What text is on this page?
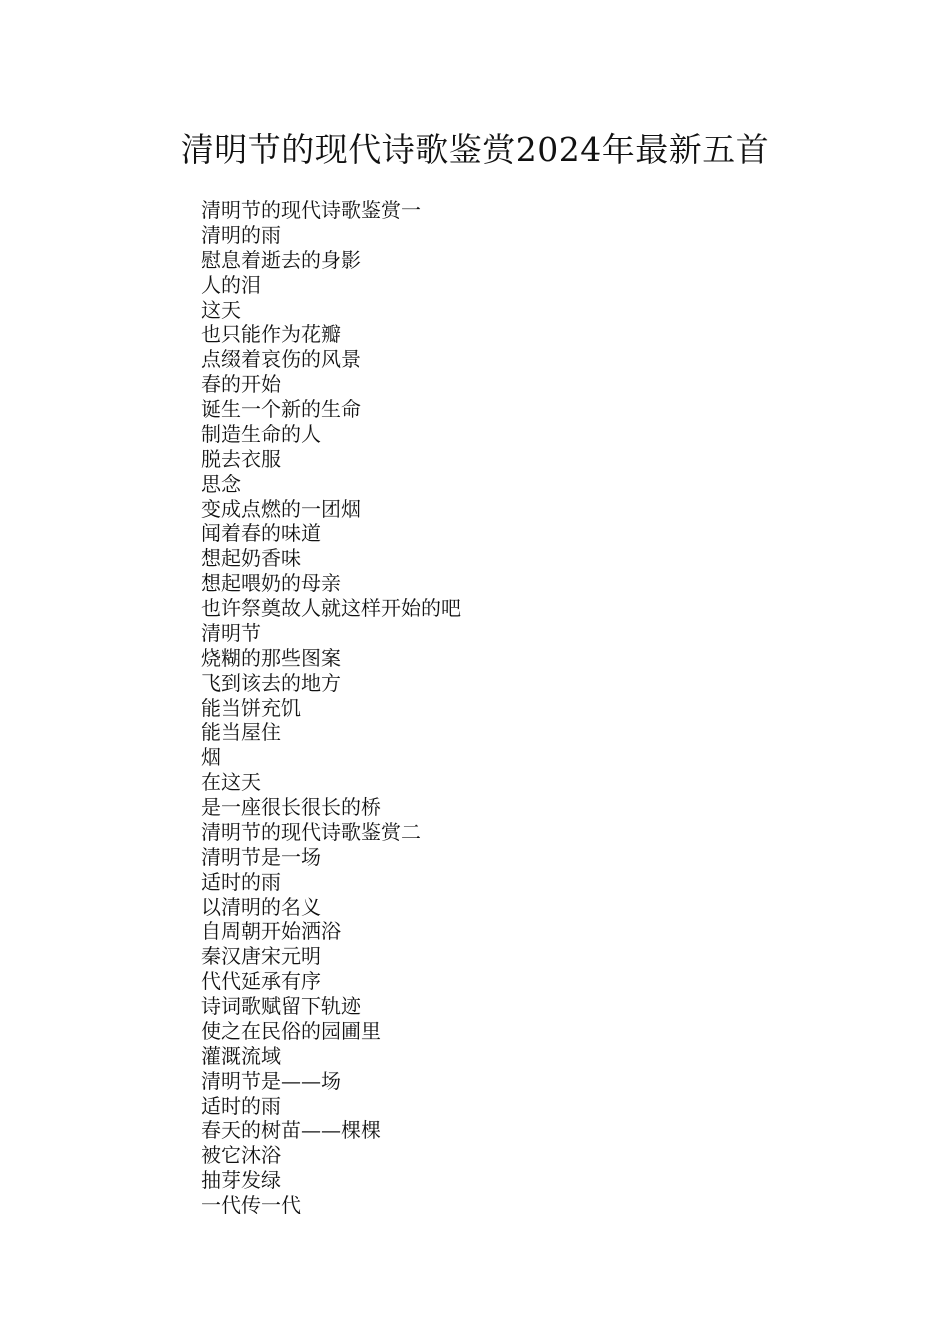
清明节的现代诗歌鉴赏2024年最新五首
清明节的现代诗歌鉴赏一
清明的雨
慰息着逝去的身影
人的泪
这天
也只能作为花瓣
点缀着哀伤的风景
春的开始
诞生一个新的生命
制造生命的人
脱去衣服
思念
变成点燃的一团烟
闻着春的味道
想起奶香味
想起喂奶的母亲
也许祭奠故人就这样开始的吧
清明节
烧糊的那些图案
飞到该去的地方
能当饼充饥
能当屋住
烟
在这天
是一座很长很长的桥
清明节的现代诗歌鉴赏二
清明节是一场
适时的雨
以清明的名义
自周朝开始洒浴
秦汉唐宋元明
代代延承有序
诗词歌赋留下轨迹
使之在民俗的园圃里
灌溉流域
清明节是——场
适时的雨
春天的树苗——棵棵
被它沐浴
抽芽发绿
一代传一代
